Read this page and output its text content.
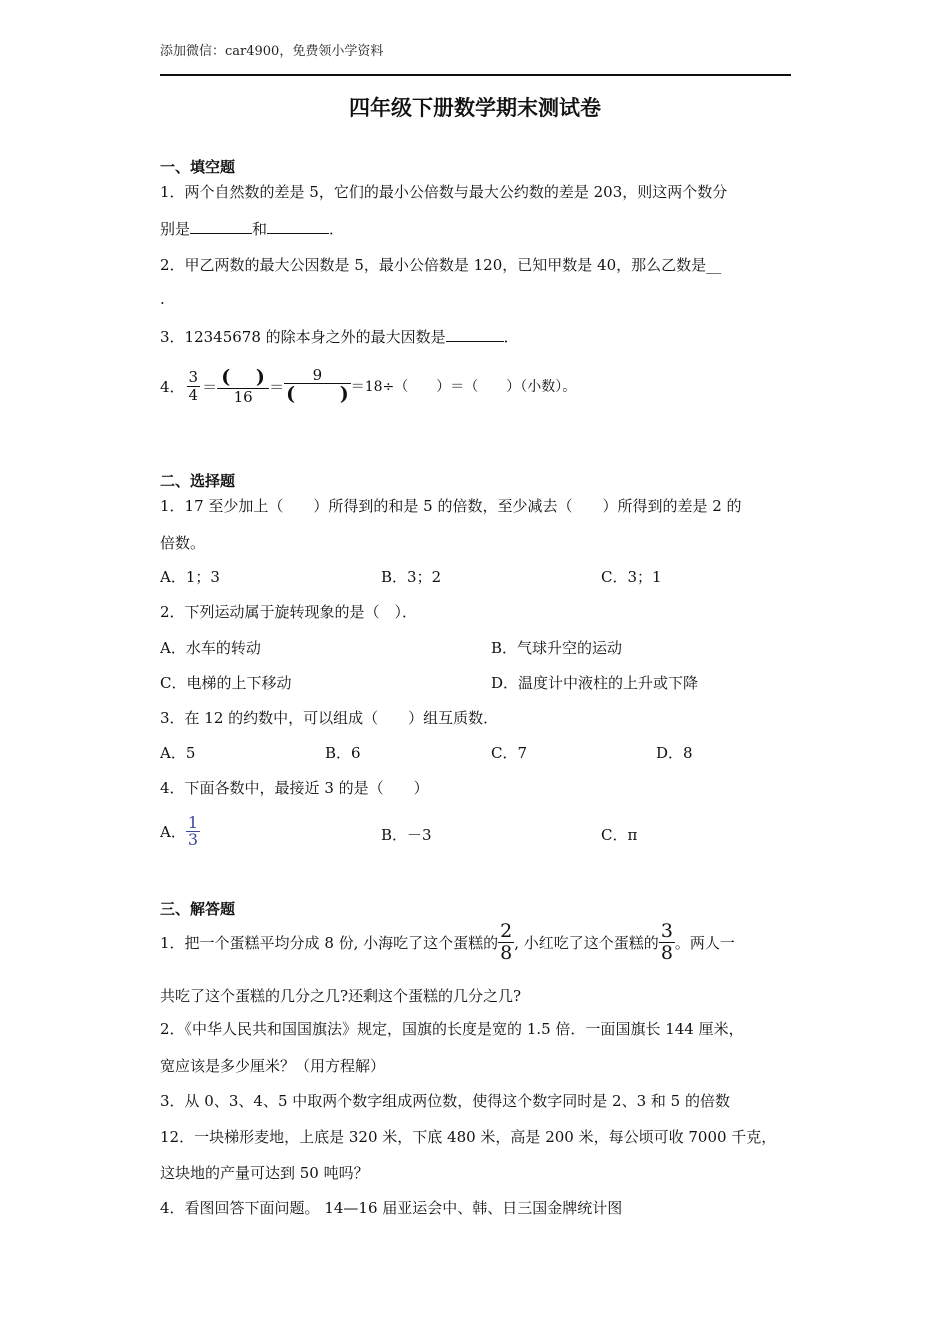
添加微信：car4900，免费领小学资料
四年级下册数学期末测试卷
一、填空题
1．两个自然数的差是 5，它们的最小公倍数与最大公约数的差是 203，则这两个数分
别是	和	．
2．甲乙两数的最大公因数是 5，最小公倍数是 120，已知甲数是 40，那么乙数是__
.
3．12345678 的除本身之外的最大因数是	．
4． $\frac{3}{4} = \frac{( )}{16} = \frac{9}{( )} =18\div$（　　）＝（　　）（小数）。
二、选择题
1．17 至少加上（　　）所得到的和是 5 的倍数，至少减去（　　）所得到的差是 2 的
倍数。
A．1；3	B．3；2	C．3；1
2．下列运动属于旋转现象的是（　）．
A．水车的转动	B．气球升空的运动
C．电梯的上下移动	D．温度计中液柱的上升或下降
3．在 12 的约数中，可以组成（　　）组互质数．
A．5	B．6	C．7	D．8
4．下面各数中，最接近 3 的是（　　）
A． $\frac{1}{3}$	B．－3	C．π
三、解答题
1．把一个蛋糕平均分成 8 份, 小海吃了这个蛋糕的 $\frac{2}{8}$ , 小红吃了这个蛋糕的 $\frac{3}{8}$ 。两人一
共吃了这个蛋糕的几分之几?还剩这个蛋糕的几分之几?
2．《中华人民共和国国旗法》规定，国旗的长度是宽的 1.5 倍．一面国旗长 144 厘米，
宽应该是多少厘米？（用方程解）
3．从 0、3、4、5 中取两个数字组成两位数，使得这个数字同时是 2、3 和 5 的倍数
12．一块梯形麦地，上底是 320 米，下底 480 米，高是 200 米，每公顷可收 7000 千克，
这块地的产量可达到 50 吨吗？
4．看图回答下面问题。 14—16 届亚运会中、韩、日三国金牌统计图
